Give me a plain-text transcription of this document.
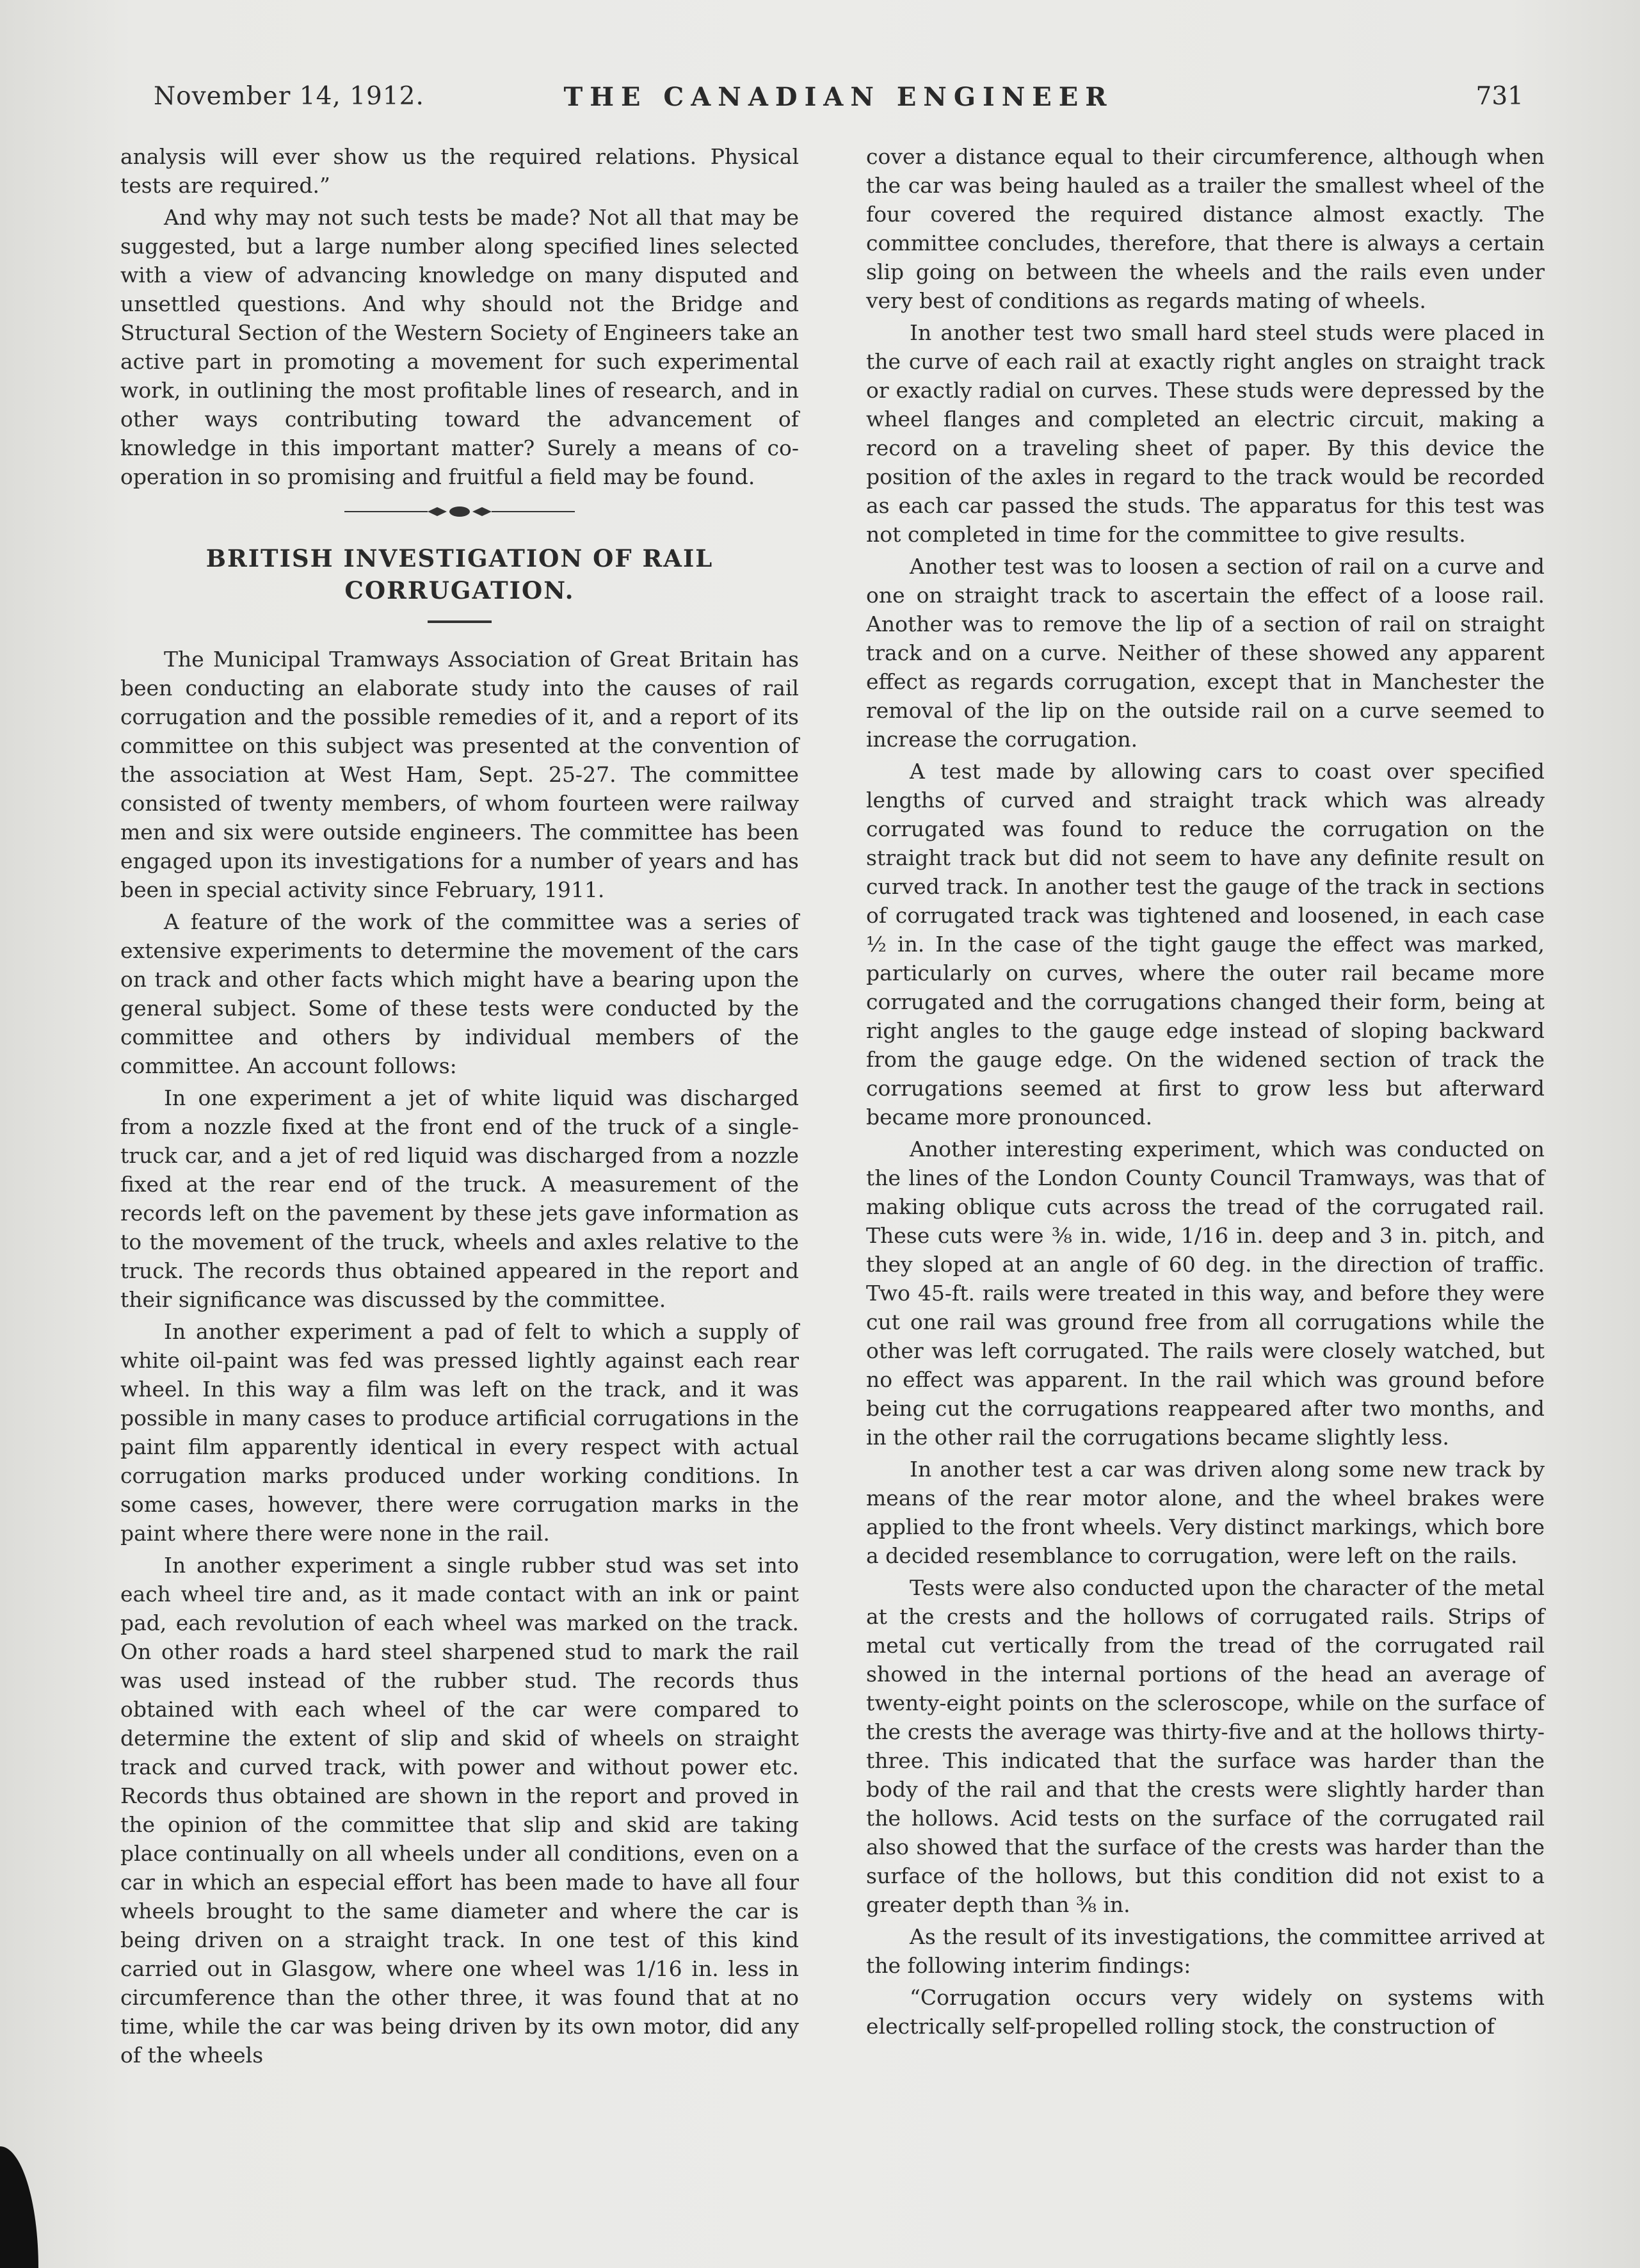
November 14, 1912.	THE CANADIAN ENGINEER	731

analysis will ever show us the required relations. Physical tests are required.”

And why may not such tests be made? Not all that may be suggested, but a large number along specified lines selected with a view of advancing knowledge on many disputed and unsettled questions. And why should not the Bridge and Structural Section of the Western Society of Engineers take an active part in promoting a movement for such experimental work, in outlining the most profitable lines of research, and in other ways contributing toward the advancement of knowledge in this important matter? Surely a means of co-operation in so promising and fruitful a field may be found.

BRITISH INVESTIGATION OF RAIL
CORRUGATION.

The Municipal Tramways Association of Great Britain has been conducting an elaborate study into the causes of rail corrugation and the possible remedies of it, and a report of its committee on this subject was presented at the convention of the association at West Ham, Sept. 25-27. The committee consisted of twenty members, of whom fourteen were railway men and six were outside engineers. The committee has been engaged upon its investigations for a number of years and has been in special activity since February, 1911.

A feature of the work of the committee was a series of extensive experiments to determine the movement of the cars on track and other facts which might have a bearing upon the general subject. Some of these tests were conducted by the committee and others by individual members of the committee. An account follows:

In one experiment a jet of white liquid was discharged from a nozzle fixed at the front end of the truck of a single-truck car, and a jet of red liquid was discharged from a nozzle fixed at the rear end of the truck. A measurement of the records left on the pavement by these jets gave information as to the movement of the truck, wheels and axles relative to the truck. The records thus obtained appeared in the report and their significance was discussed by the committee.

In another experiment a pad of felt to which a supply of white oil-paint was fed was pressed lightly against each rear wheel. In this way a film was left on the track, and it was possible in many cases to produce artificial corrugations in the paint film apparently identical in every respect with actual corrugation marks produced under working conditions. In some cases, however, there were corrugation marks in the paint where there were none in the rail.

In another experiment a single rubber stud was set into each wheel tire and, as it made contact with an ink or paint pad, each revolution of each wheel was marked on the track. On other roads a hard steel sharpened stud to mark the rail was used instead of the rubber stud. The records thus obtained with each wheel of the car were compared to determine the extent of slip and skid of wheels on straight track and curved track, with power and without power etc. Records thus obtained are shown in the report and proved in the opinion of the committee that slip and skid are taking place continually on all wheels under all conditions, even on a car in which an especial effort has been made to have all four wheels brought to the same diameter and where the car is being driven on a straight track. In one test of this kind carried out in Glasgow, where one wheel was 1/16 in. less in circumference than the other three, it was found that at no time, while the car was being driven by its own motor, did any of the wheels

cover a distance equal to their circumference, although when the car was being hauled as a trailer the smallest wheel of the four covered the required distance almost exactly. The committee concludes, therefore, that there is always a certain slip going on between the wheels and the rails even under very best of conditions as regards mating of wheels.

In another test two small hard steel studs were placed in the curve of each rail at exactly right angles on straight track or exactly radial on curves. These studs were depressed by the wheel flanges and completed an electric circuit, making a record on a traveling sheet of paper. By this device the position of the axles in regard to the track would be recorded as each car passed the studs. The apparatus for this test was not completed in time for the committee to give results.

Another test was to loosen a section of rail on a curve and one on straight track to ascertain the effect of a loose rail. Another was to remove the lip of a section of rail on straight track and on a curve. Neither of these showed any apparent effect as regards corrugation, except that in Manchester the removal of the lip on the outside rail on a curve seemed to increase the corrugation.

A test made by allowing cars to coast over specified lengths of curved and straight track which was already corrugated was found to reduce the corrugation on the straight track but did not seem to have any definite result on curved track. In another test the gauge of the track in sections of corrugated track was tightened and loosened, in each case ½ in. In the case of the tight gauge the effect was marked, particularly on curves, where the outer rail became more corrugated and the corrugations changed their form, being at right angles to the gauge edge instead of sloping backward from the gauge edge. On the widened section of track the corrugations seemed at first to grow less but afterward became more pronounced.

Another interesting experiment, which was conducted on the lines of the London County Council Tramways, was that of making oblique cuts across the tread of the corrugated rail. These cuts were ⅜ in. wide, 1/16 in. deep and 3 in. pitch, and they sloped at an angle of 60 deg. in the direction of traffic. Two 45-ft. rails were treated in this way, and before they were cut one rail was ground free from all corrugations while the other was left corrugated. The rails were closely watched, but no effect was apparent. In the rail which was ground before being cut the corrugations reappeared after two months, and in the other rail the corrugations became slightly less.

In another test a car was driven along some new track by means of the rear motor alone, and the wheel brakes were applied to the front wheels. Very distinct markings, which bore a decided resemblance to corrugation, were left on the rails.

Tests were also conducted upon the character of the metal at the crests and the hollows of corrugated rails. Strips of metal cut vertically from the tread of the corrugated rail showed in the internal portions of the head an average of twenty-eight points on the scleroscope, while on the surface of the crests the average was thirty-five and at the hollows thirty-three. This indicated that the surface was harder than the body of the rail and that the crests were slightly harder than the hollows. Acid tests on the surface of the corrugated rail also showed that the surface of the crests was harder than the surface of the hollows, but this condition did not exist to a greater depth than ⅜ in.

As the result of its investigations, the committee arrived at the following interim findings:

“Corrugation occurs very widely on systems with electrically self-propelled rolling stock, the construction of
